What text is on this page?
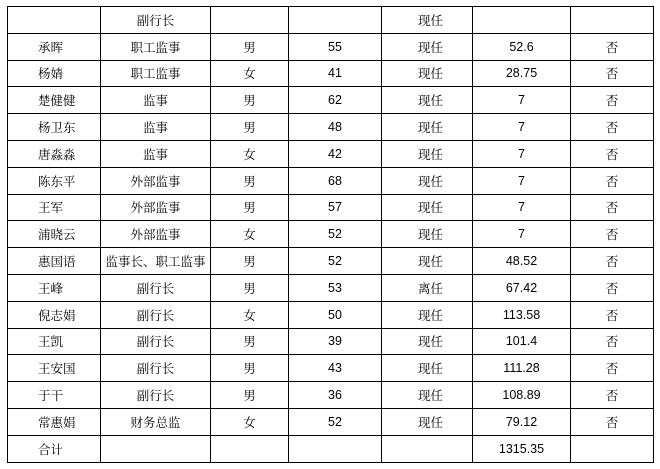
	副行长			现任		
承晖	职工监事	男	55	现任	52.6	否
杨婧	职工监事	女	41	现任	28.75	否
楚健健	监事	男	62	现任	7	否
杨卫东	监事	男	48	现任	7	否
唐淼淼	监事	女	42	现任	7	否
陈东平	外部监事	男	68	现任	7	否
王军	外部监事	男	57	现任	7	否
浦晓云	外部监事	女	52	现任	7	否
惠国语	监事长、职工监事	男	52	现任	48.52	否
王峰	副行长	男	53	离任	67.42	否
倪志娟	副行长	女	50	现任	113.58	否
王凯	副行长	男	39	现任	101.4	否
王安国	副行长	男	43	现任	111.28	否
于干	副行长	男	36	现任	108.89	否
常惠娟	财务总监	女	52	现任	79.12	否
合计					1315.35	
